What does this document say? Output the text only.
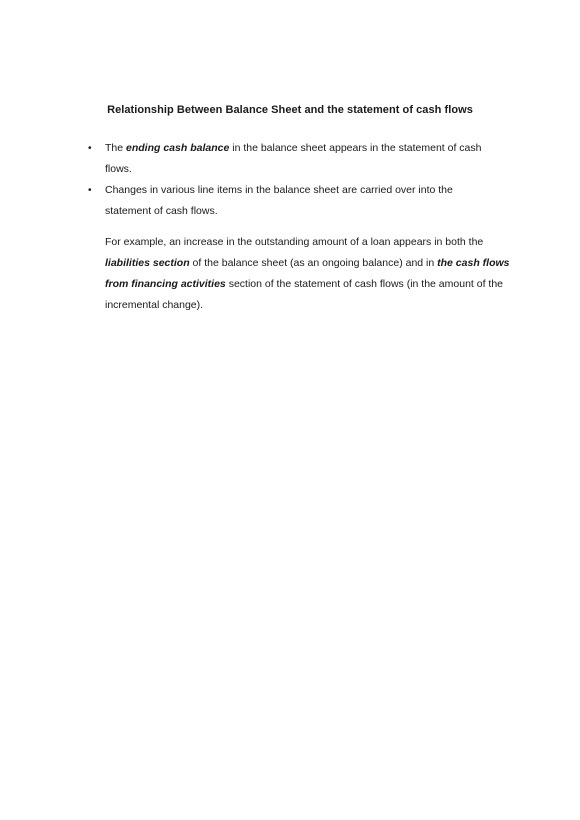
Relationship Between Balance Sheet and the statement of cash flows
• The ending cash balance in the balance sheet appears in the statement of cash flows.
• Changes in various line items in the balance sheet are carried over into the statement of cash flows.

For example, an increase in the outstanding amount of a loan appears in both the liabilities section of the balance sheet (as an ongoing balance) and in the cash flows from financing activities section of the statement of cash flows (in the amount of the incremental change).
